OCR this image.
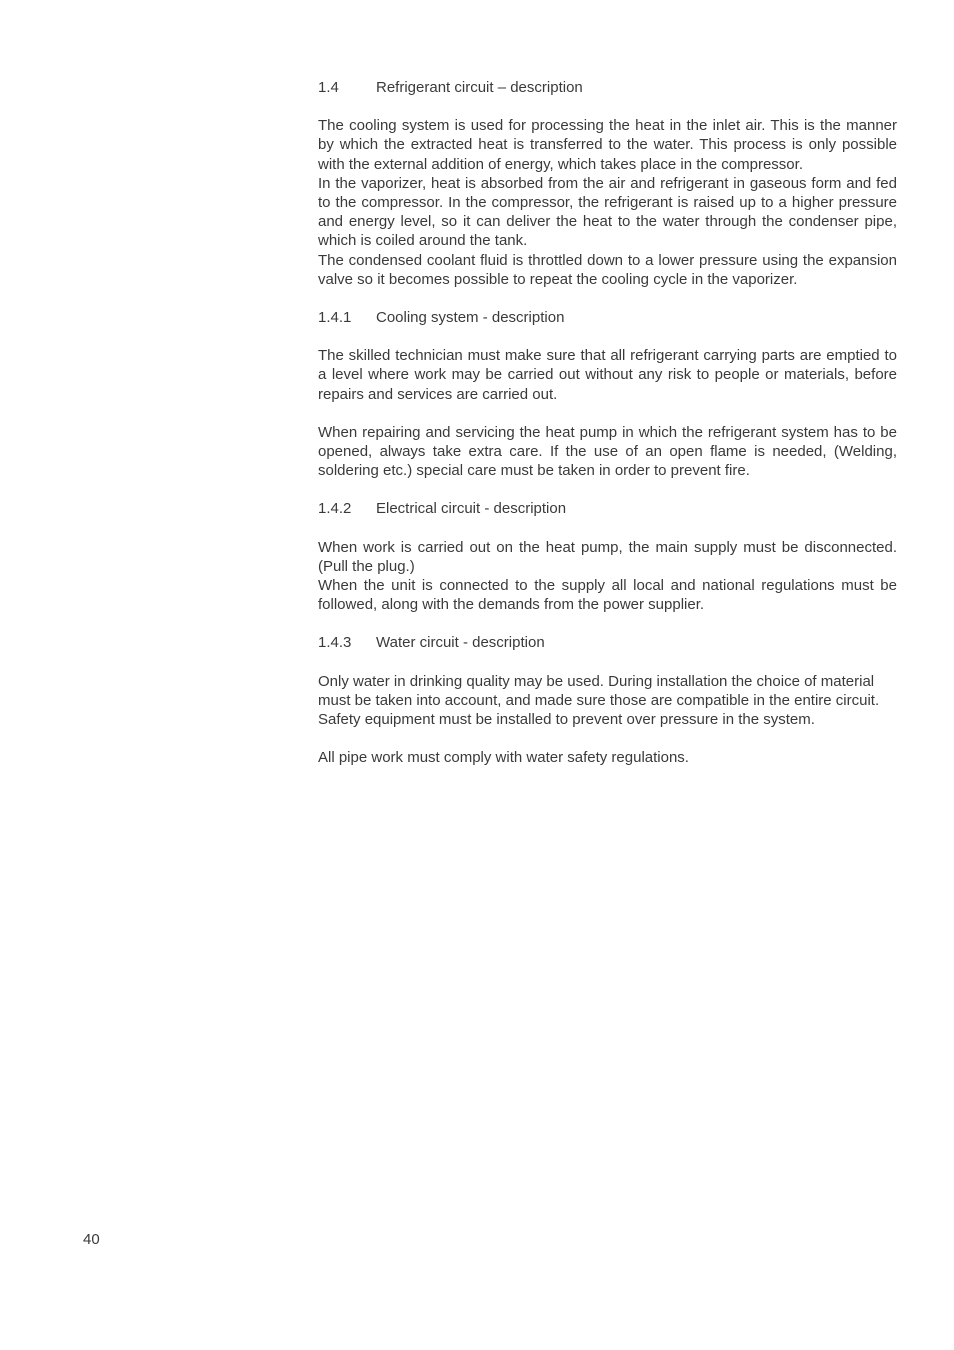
1.4	Refrigerant circuit – description

The cooling system is used for processing the heat in the inlet air. This is the manner by which the extracted heat is transferred to the water. This process is only possible with the external addition of energy, which takes place in the compressor.

In the vaporizer, heat is absorbed from the air and refrigerant in gaseous form and fed to the compressor. In the compressor, the refrigerant is raised up to a higher pressure and energy level, so it can deliver the heat to the water through the condenser pipe, which is coiled around the tank.

The condensed coolant fluid is throttled down to a lower pressure using the expansion valve so it becomes possible to repeat the cooling cycle in the vaporizer.

1.4.1	Cooling system - description

The skilled technician must make sure that all refrigerant carrying parts are emptied to a level where work may be carried out without any risk to people or materials, before repairs and services are carried out.

When repairing and servicing the heat pump in which the refrigerant system has to be opened, always take extra care. If the use of an open flame is needed, (Welding, soldering etc.) special care must be taken in order to prevent fire.

1.4.2	Electrical circuit - description

When work is carried out on the heat pump, the main supply must be disconnected. (Pull the plug.)

When the unit is connected to the supply all local and national regulations must be followed, along with the demands from the power supplier.

1.4.3	Water circuit - description

Only water in drinking quality may be used. During installation the choice of material must be taken into account, and made sure those are compatible in the entire circuit. Safety equipment must be installed to prevent over pressure in the system.

All pipe work must comply with water safety regulations.

40
